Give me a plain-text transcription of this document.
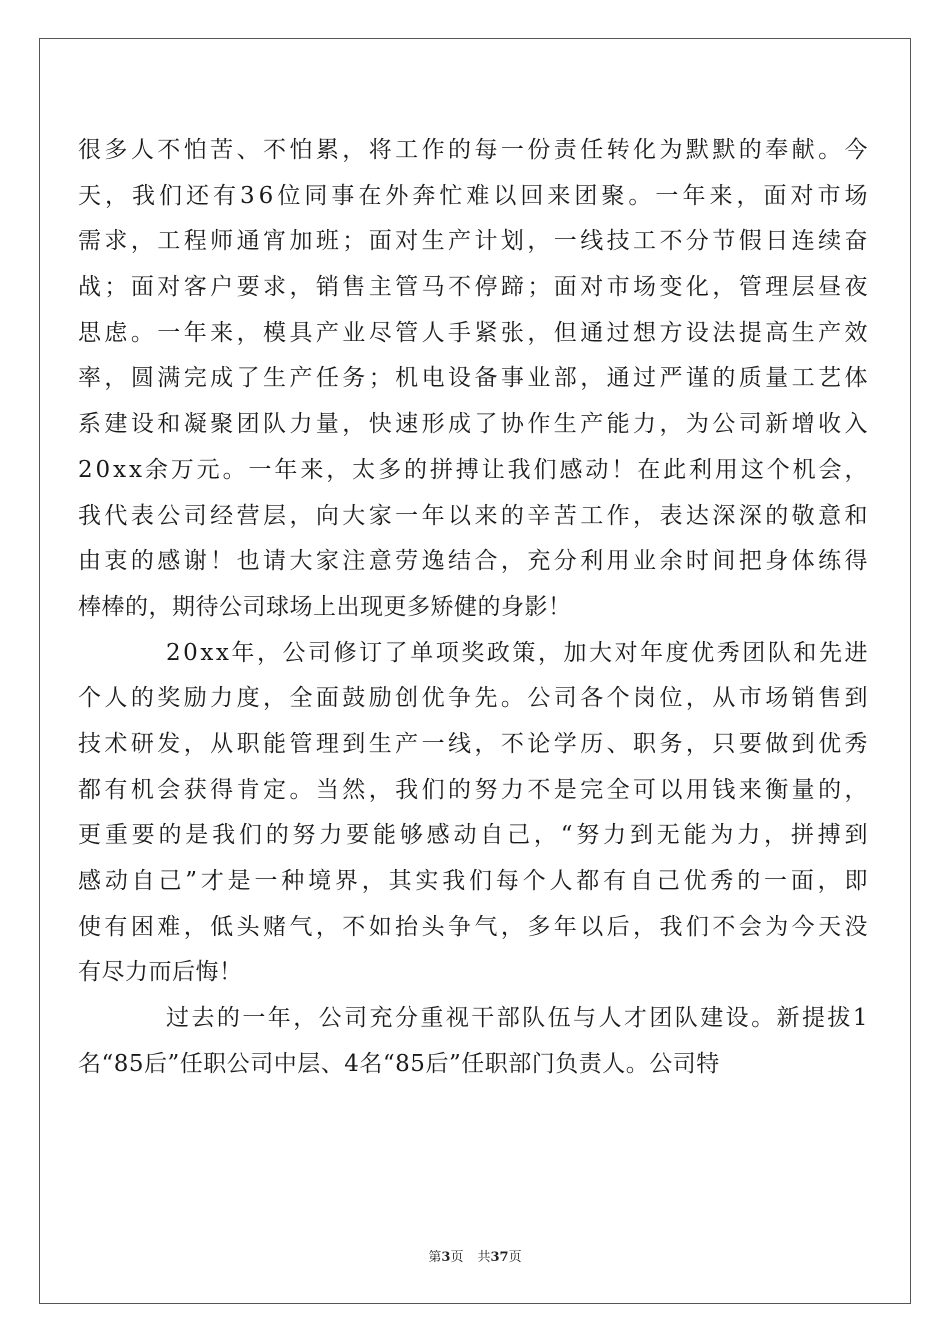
很多人不怕苦、不怕累，将工作的每一份责任转化为默默的奉献。今
天，我们还有36位同事在外奔忙难以回来团聚。一年来，面对市场
需求，工程师通宵加班；面对生产计划，一线技工不分节假日连续奋
战；面对客户要求，销售主管马不停蹄；面对市场变化，管理层昼夜
思虑。一年来，模具产业尽管人手紧张，但通过想方设法提高生产效
率，圆满完成了生产任务；机电设备事业部，通过严谨的质量工艺体
系建设和凝聚团队力量，快速形成了协作生产能力，为公司新增收入
20xx余万元。一年来，太多的拼搏让我们感动！在此利用这个机会，
我代表公司经营层，向大家一年以来的辛苦工作，表达深深的敬意和
由衷的感谢！也请大家注意劳逸结合，充分利用业余时间把身体练得
棒棒的，期待公司球场上出现更多矫健的身影！
20xx年，公司修订了单项奖政策，加大对年度优秀团队和先进
个人的奖励力度，全面鼓励创优争先。公司各个岗位，从市场销售到
技术研发，从职能管理到生产一线，不论学历、职务，只要做到优秀
都有机会获得肯定。当然，我们的努力不是完全可以用钱来衡量的，
更重要的是我们的努力要能够感动自己，“努力到无能为力，拼搏到
感动自己”才是一种境界，其实我们每个人都有自己优秀的一面，即
使有困难，低头赌气，不如抬头争气，多年以后，我们不会为今天没
有尽力而后悔！
过去的一年，公司充分重视干部队伍与人才团队建设。新提拔1
名“85后”任职公司中层、4名“85后”任职部门负责人。公司特
第3页 共37页
